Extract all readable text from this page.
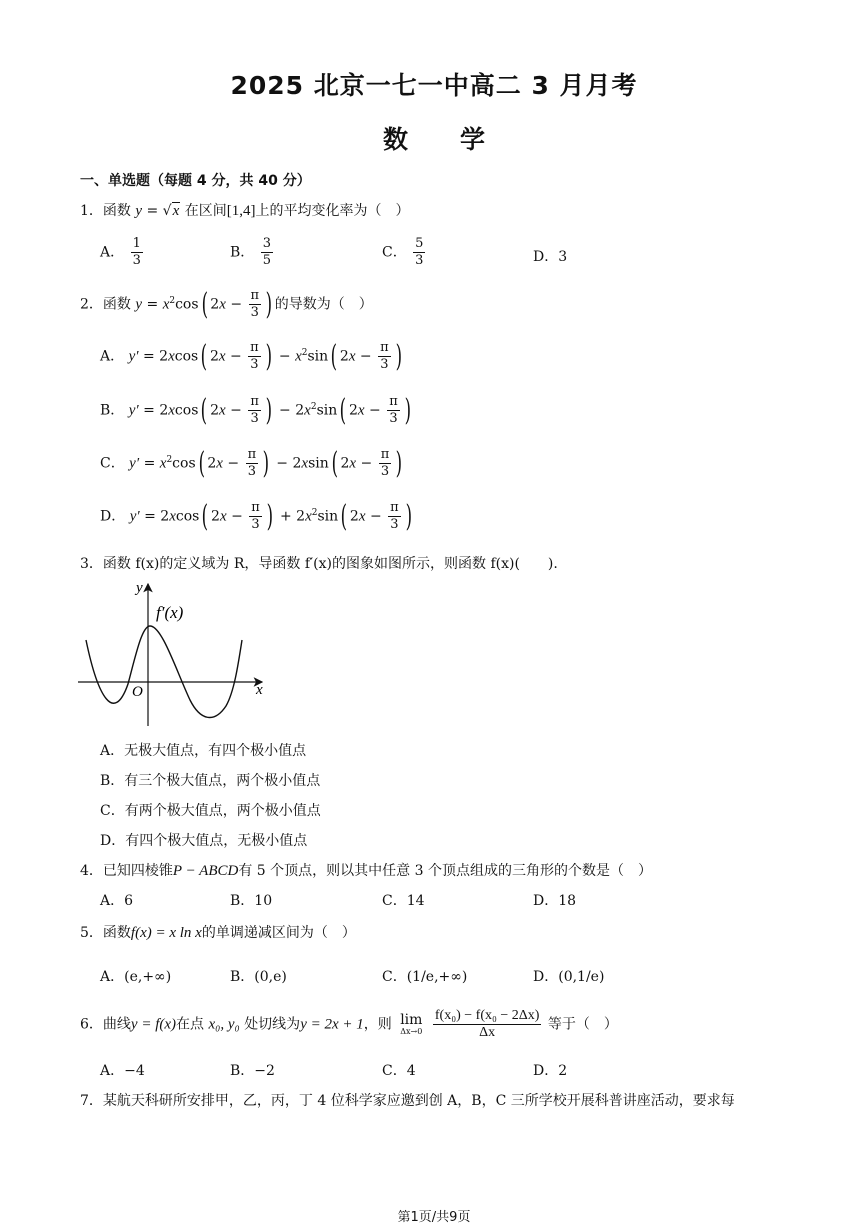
2025 北京一七一中高二 3 月月考
数学
一、单选题（每题 4 分，共 40 分）
1．函数 y = √x 在区间[1,4]上的平均变化率为（　）
A． $\frac{1}{3}$	B． $\frac{3}{5}$	C． $\frac{5}{3}$	D．3
2．函数 $y = x^2\cos$( $2x - \frac{\pi}{3}$ ) 的导数为（　）
A． y′ = 2xcos( $2x - \frac{\pi}{3}$ ) − $x^2\sin$( $2x - \frac{\pi}{3}$ )
B． y′ = 2xcos( $2x - \frac{\pi}{3}$ ) − $2x^2\sin$( $2x - \frac{\pi}{3}$ )
C． $y' = x^2\cos$( $2x - \frac{\pi}{3}$ ) − 2xsin( $2x - \frac{\pi}{3}$ )
D． y′ = 2xcos( $2x - \frac{\pi}{3}$ ) + $2x^2\sin$( $2x - \frac{\pi}{3}$ )
3．函数 f(x)的定义域为 R，导函数 f′(x)的图象如图所示，则函数 f(x)(　　).
y
x
O
f′(x)
A．无极大值点，有四个极小值点
B．有三个极大值点，两个极小值点
C．有两个极大值点，两个极小值点
D．有四个极大值点，无极小值点
4．已知四棱锥P − ABCD有 5 个顶点，则以其中任意 3 个顶点组成的三角形的个数是（　）
A．6	B．10	C．14	D．18
5．函数f(x) = x ln x的单调递减区间为（　）
A．(e,+∞)	B．(0,e)	C．(1/e,+∞)	D．(0,1/e)
6．曲线y = f(x)在点 x₀, y₀ 处切线为y = 2x + 1，则 lim
Δx→0
$\frac{\text{f(x₀) − f(x₀ − 2Δx)}}{\Delta x}$ 等于（　）
A．−4	B．−2	C．4	D．2
7．某航天科研所安排甲，乙，丙，丁 4 位科学家应邀到创 A，B，C 三所学校开展科普讲座活动，要求每
第1页/共9页
